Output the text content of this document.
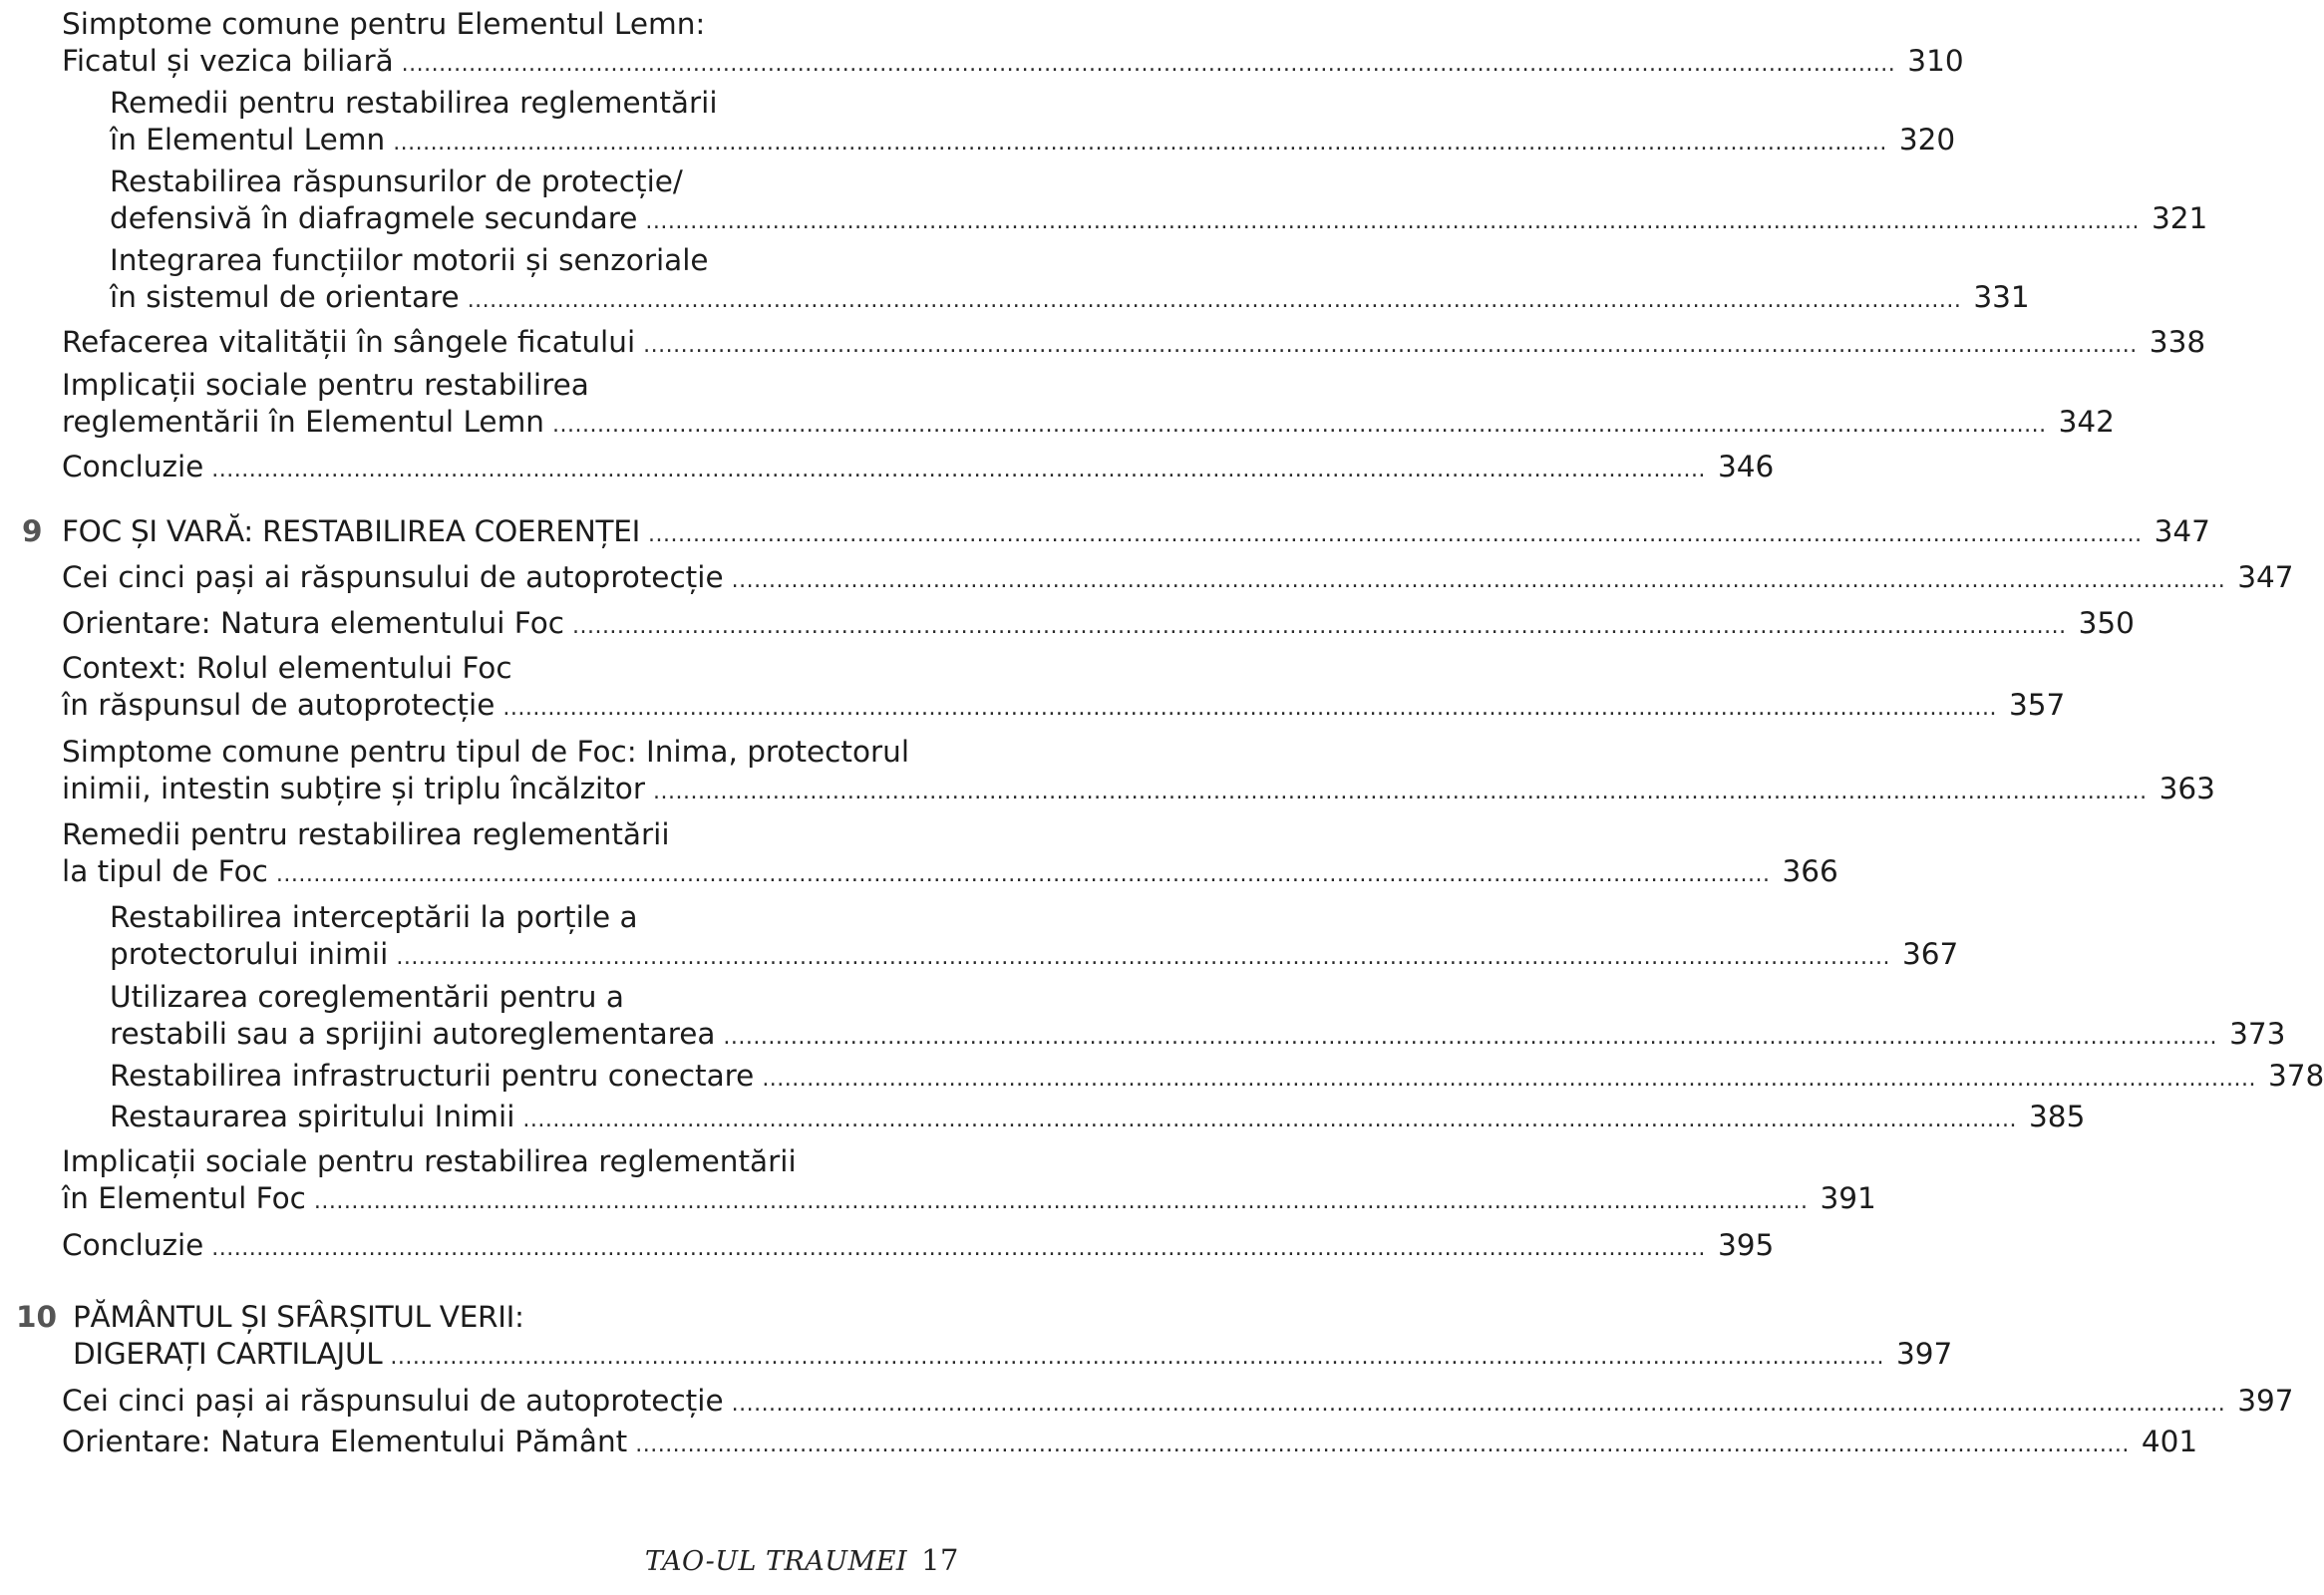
Simptome comune pentru Elementul Lemn:
Ficatul și vezica biliară ........................................................................................................................................................................................................ 310
Remedii pentru restabilirea reglementării
în Elementul Lemn ........................................................................................................................................................................................................ 320
Restabilirea răspunsurilor de protecție/
defensivă în diafragmele secundare ........................................................................................................................................................................................................ 321
Integrarea funcțiilor motorii și senzoriale
în sistemul de orientare ........................................................................................................................................................................................................ 331
Refacerea vitalității în sângele ficatului ........................................................................................................................................................................................................ 338
Implicații sociale pentru restabilirea
reglementării în Elementul Lemn ........................................................................................................................................................................................................ 342
Concluzie ........................................................................................................................................................................................................ 346
9 FOC ȘI VARĂ: RESTABILIREA COERENȚEI ........................................................................................................................................................................................................ 347
Cei cinci pași ai răspunsului de autoprotecție ........................................................................................................................................................................................................ 347
Orientare: Natura elementului Foc ........................................................................................................................................................................................................ 350
Context: Rolul elementului Foc
în răspunsul de autoprotecție ........................................................................................................................................................................................................ 357
Simptome comune pentru tipul de Foc: Inima, protectorul
inimii, intestin subțire și triplu încălzitor ........................................................................................................................................................................................................ 363
Remedii pentru restabilirea reglementării
la tipul de Foc ........................................................................................................................................................................................................ 366
Restabilirea interceptării la porțile a
protectorului inimii ........................................................................................................................................................................................................ 367
Utilizarea coreglementării pentru a
restabili sau a sprijini autoreglementarea ........................................................................................................................................................................................................ 373
Restabilirea infrastructurii pentru conectare ........................................................................................................................................................................................................ 378
Restaurarea spiritului Inimii ........................................................................................................................................................................................................ 385
Implicații sociale pentru restabilirea reglementării
în Elementul Foc ........................................................................................................................................................................................................ 391
Concluzie ........................................................................................................................................................................................................ 395
10 PĂMÂNTUL ȘI SFÂRȘITUL VERII:
DIGERAȚI CARTILAJUL ........................................................................................................................................................................................................ 397
Cei cinci pași ai răspunsului de autoprotecție ........................................................................................................................................................................................................ 397
Orientare: Natura Elementului Pământ ........................................................................................................................................................................................................ 401
TAO-UL TRAUMEI 17
